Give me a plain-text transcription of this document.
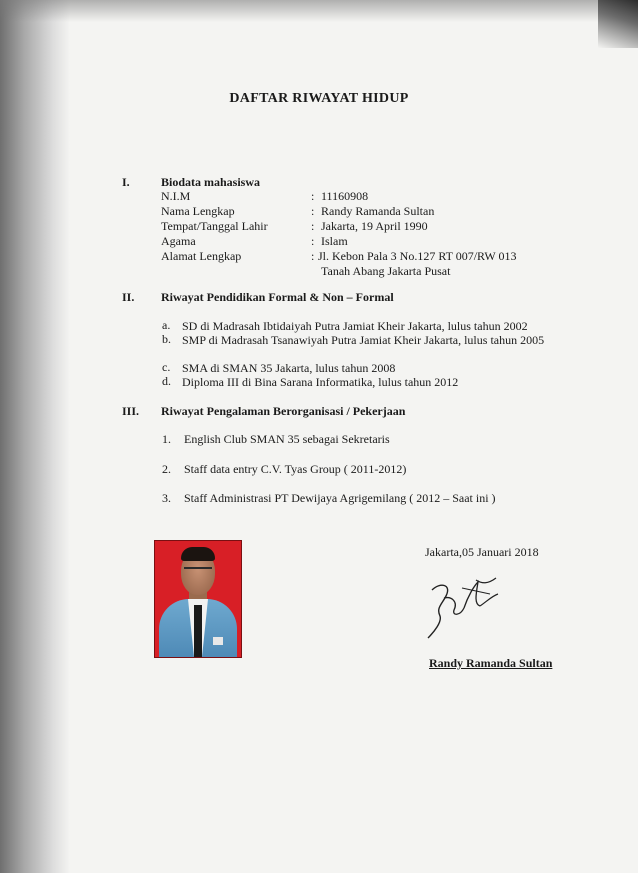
DAFTAR RIWAYAT HIDUP
I.	Biodata mahasiswa
N.I.M	: 11160908
Nama Lengkap	: Randy Ramanda Sultan
Tempat/Tanggal Lahir	: Jakarta, 19 April 1990
Agama	: Islam
Alamat Lengkap	: Jl. Kebon Pala 3 No.127 RT 007/RW 013
Tanah Abang Jakarta Pusat
II. Riwayat Pendidikan Formal & Non – Formal
a. SD di Madrasah Ibtidaiyah Putra Jamiat Kheir Jakarta, lulus tahun 2002
b. SMP di Madrasah Tsanawiyah Putra Jamiat Kheir Jakarta, lulus tahun 2005
c. SMA di SMAN 35 Jakarta, lulus tahun 2008
d. Diploma III di Bina Sarana Informatika, lulus tahun 2012
III. Riwayat Pengalaman Berorganisasi / Pekerjaan
1. English Club SMAN 35 sebagai Sekretaris
2. Staff data entry C.V. Tyas Group ( 2011-2012)
3. Staff Administrasi PT Dewijaya Agrigemilang ( 2012 – Saat ini )
Jakarta,05 Januari 2018
Randy Ramanda Sultan
